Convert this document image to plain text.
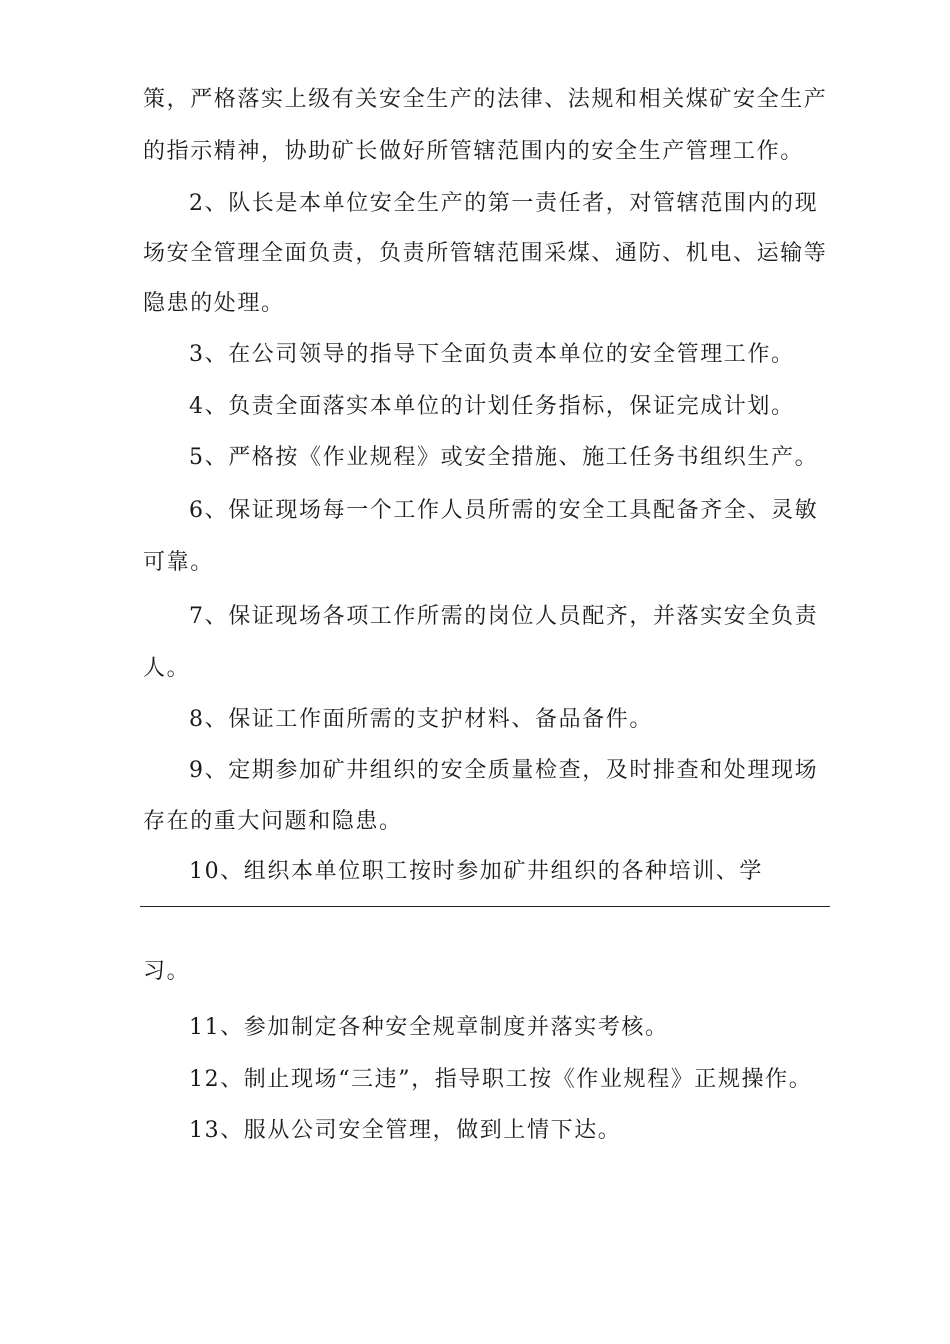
策，严格落实上级有关安全生产的法律、法规和相关煤矿安全生产
的指示精神，协助矿长做好所管辖范围内的安全生产管理工作。
2、队长是本单位安全生产的第一责任者，对管辖范围内的现
场安全管理全面负责，负责所管辖范围采煤、通防、机电、运输等
隐患的处理。
3、在公司领导的指导下全面负责本单位的安全管理工作。
4、负责全面落实本单位的计划任务指标，保证完成计划。
5、严格按《作业规程》或安全措施、施工任务书组织生产。
6、保证现场每一个工作人员所需的安全工具配备齐全、灵敏
可靠。
7、保证现场各项工作所需的岗位人员配齐，并落实安全负责
人。
8、保证工作面所需的支护材料、备品备件。
9、定期参加矿井组织的安全质量检查，及时排查和处理现场
存在的重大问题和隐患。
10、组织本单位职工按时参加矿井组织的各种培训、学
习。
11、参加制定各种安全规章制度并落实考核。
12、制止现场“三违”，指导职工按《作业规程》正规操作。
13、服从公司安全管理，做到上情下达。
